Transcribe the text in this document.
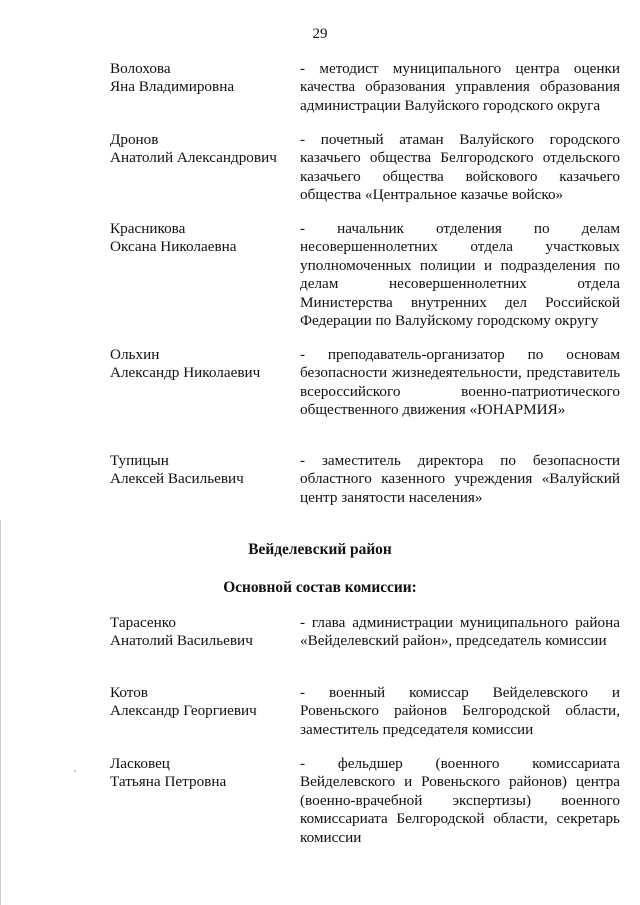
29
Волохова
Яна Владимировна
- методист муниципального центра оценки качества образования управления образования администрации Валуйского городского округа
Дронов
Анатолий Александрович
- почетный атаман Валуйского городского казачьего общества Белгородского отдельского казачьего общества войскового казачьего общества «Центральное казачье войско»
Красникова
Оксана Николаевна
- начальник отделения по делам несовершеннолетних отдела участковых уполномоченных полиции и подразделения по делам несовершеннолетних отдела Министерства внутренних дел Российской Федерации по Валуйскому городскому округу
Ольхин
Александр Николаевич
- преподаватель-организатор по основам безопасности жизнедеятельности, представитель всероссийского военно-патриотического общественного движения «ЮНАРМИЯ»
Тупицын
Алексей Васильевич
- заместитель директора по безопасности областного казенного учреждения «Валуйский центр занятости населения»
Вейделевский район
Основной состав комиссии:
Тарасенко
Анатолий Васильевич
- глава администрации муниципального района «Вейделевский район», председатель комиссии
Котов
Александр Георгиевич
- военный комиссар Вейделевского и Ровеньского районов Белгородской области, заместитель председателя комиссии
Ласковец
Татьяна Петровна
- фельдшер (военного комиссариата Вейделевского и Ровеньского районов) центра (военно-врачебной экспертизы) военного комиссариата Белгородской области, секретарь комиссии
